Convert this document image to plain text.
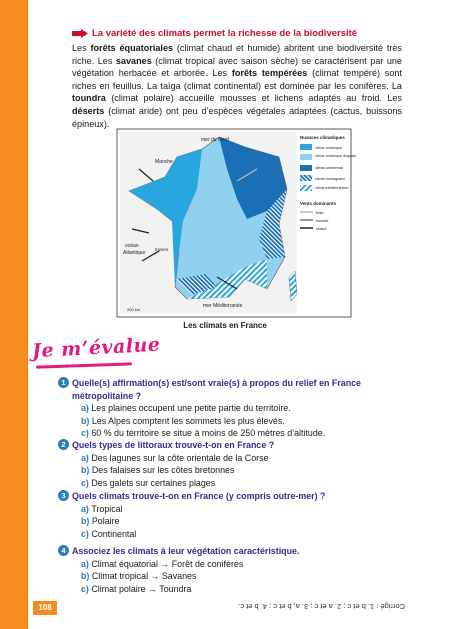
108
La variété des climats permet la richesse de la biodiversité
Les forêts équatoriales (climat chaud et humide) abritent une biodiversité très riche. Les savanes (climat tropical avec saison sèche) se caractérisent par une végétation herbacée et arborée. Les forêts tempérées (climat tempéré) sont riches en feuillus. La taïga (climat continental) est dominée par les conifères. La toundra (climat polaire) accueille mousses et lichens adaptés au froid. Les déserts (climat aride) ont peu d’espèces végétales adaptées (cactus, buissons épineux).
mer du Nord
Manche
océan
Atlantique
travers
mer Méditerranée
200 km
Nuances climatiques
climat océanique
climat océanique dégradé
climat continental
climat montagnard
climat méditerranéen
Vents dominants
froid
humide
chaud
Les climats en France
Je m’évalue
1 Quelle(s) affirmation(s) est/sont vraie(s) à propos du relief en France métropolitaine ?
a) Les plaines occupent une petite partie du territoire.
b) Les Alpes comptent les sommets les plus élevés.
c) 60 % du territoire se situe à moins de 250 mètres d’altitude.
2 Quels types de littoraux trouve-t-on en France ?
a) Des lagunes sur la côte orientale de la Corse
b) Des falaises sur les côtes bretonnes
c) Des galets sur certaines plages
3 Quels climats trouve-t-on en France (y compris outre-mer) ?
a) Tropical
b) Polaire
c) Continental
4 Associez les climats à leur végétation caractéristique.
a) Climat équatorial → Forêt de conifères
b) Climat tropical → Savanes
c) Climat polaire → Toundra
Corrigé : 1. b et c ; 2. a et c ; 3. a, b et c ; 4. b et c.
